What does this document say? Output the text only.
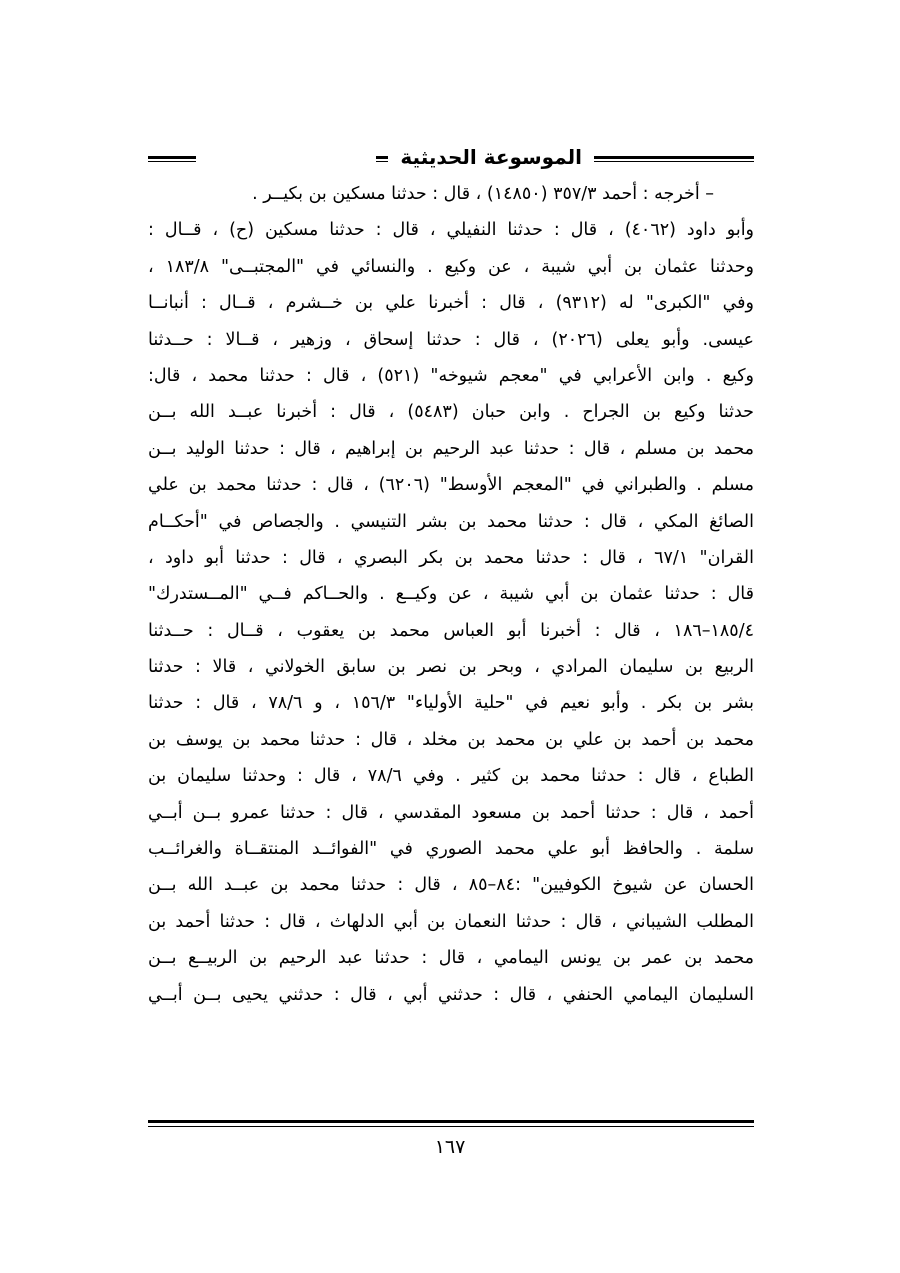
الموسوعة الحديثية
– أخرجه : أحمد ٣٥٧/٣ (١٤٨٥٠) ، قال : حدثنا مسكين بن بكيــر .
وأبو داود (٤٠٦٢) ، قال : حدثنا النفيلي ، قال : حدثنا مسكين (ح) ، قــال :
وحدثنا عثمان بن أبي شيبة ، عن وكيع . والنسائي في "المجتبــى" ١٨٣/٨ ،
وفي "الكبرى" له (٩٣١٢) ، قال : أخبرنا علي بن خــشرم ، قــال : أنبانــا
عيسى. وأبو يعلى (٢٠٢٦) ، قال : حدثنا إسحاق ، وزهير ، قــالا : حــدثنا
وكيع . وابن الأعرابي في "معجم شيوخه" (٥٢١) ، قال : حدثنا محمد ، قال:
حدثنا وكيع بن الجراح . وابن حبان (٥٤٨٣) ، قال : أخبرنا عبــد الله بــن
محمد بن مسلم ، قال : حدثنا عبد الرحيم بن إبراهيم ، قال : حدثنا الوليد بــن
مسلم . والطبراني في "المعجم الأوسط" (٦٢٠٦) ، قال : حدثنا محمد بن علي
الصائغ المكي ، قال : حدثنا محمد بن بشر التنيسي . والجصاص في "أحكــام
القران" ٦٧/١ ، قال : حدثنا محمد بن بكر البصري ، قال : حدثنا أبو داود ،
قال : حدثنا عثمان بن أبي شيبة ، عن وكيــع . والحــاكم فــي "المــستدرك"
١٨٥/٤–١٨٦ ، قال : أخبرنا أبو العباس محمد بن يعقوب ، قــال : حــدثنا
الربيع بن سليمان المرادي ، وبحر بن نصر بن سابق الخولاني ، قالا : حدثنا
بشر بن بكر . وأبو نعيم في "حلية الأولياء" ١٥٦/٣ ، و ٧٨/٦ ، قال : حدثنا
محمد بن أحمد بن علي بن محمد بن مخلد ، قال : حدثنا محمد بن يوسف بن
الطباع ، قال : حدثنا محمد بن كثير . وفي ٧٨/٦ ، قال : وحدثنا سليمان بن
أحمد ، قال : حدثنا أحمد بن مسعود المقدسي ، قال : حدثنا عمرو بــن أبــي
سلمة . والحافظ أبو علي محمد الصوري في "الفوائــد المنتقــاة والغرائــب
الحسان عن شيوخ الكوفيين" :٨٤–٨٥ ، قال : حدثنا محمد بن عبــد الله بــن
المطلب الشيباني ، قال : حدثنا النعمان بن أبي الدلهاث ، قال : حدثنا أحمد بن
محمد بن عمر بن يونس اليمامي ، قال : حدثنا عبد الرحيم بن الربيــع بــن
السليمان اليمامي الحنفي ، قال : حدثني أبي ، قال : حدثني يحيى بــن أبــي
١٦٧
